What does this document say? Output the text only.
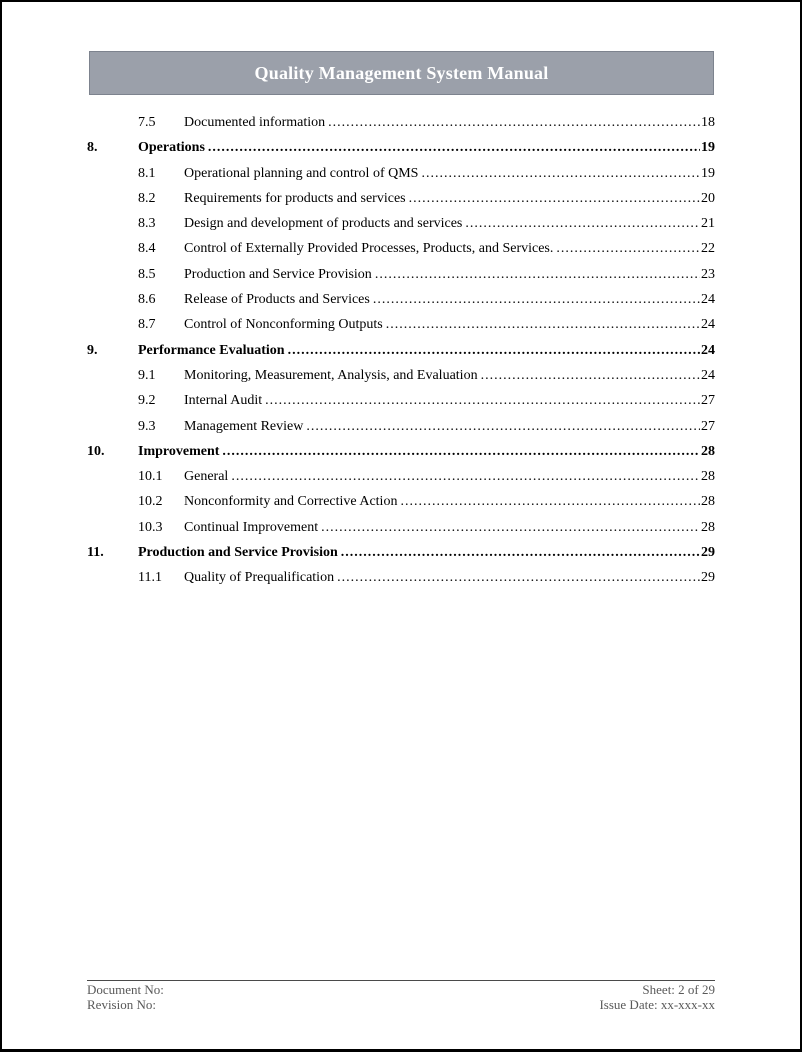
Quality Management System Manual
7.5	Documented information .....	18
8.	Operations .....	19
8.1	Operational planning and control of QMS .....	19
8.2	Requirements for products and services .....	20
8.3	Design and development of products and services .....	21
8.4	Control of Externally Provided Processes, Products, and Services. .....	22
8.5	Production and Service Provision .....	23
8.6	Release of Products and Services .....	24
8.7	Control of Nonconforming Outputs .....	24
9.	Performance Evaluation .....	24
9.1	Monitoring, Measurement, Analysis, and Evaluation .....	24
9.2	Internal Audit .....	27
9.3	Management Review .....	27
10.	Improvement .....	28
10.1	General .....	28
10.2	Nonconformity and Corrective Action .....	28
10.3	Continual Improvement .....	28
11.	Production and Service Provision .....	29
11.1	Quality of Prequalification .....	29
Document No:
Revision No:
Sheet: 2 of 29
Issue Date: xx-xxx-xx
